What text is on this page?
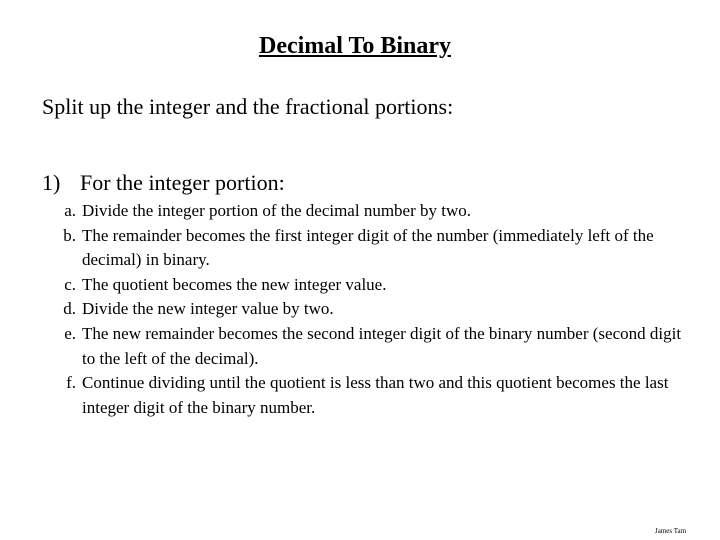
Decimal To Binary
Split up the integer and the fractional portions:
1) For the integer portion:
a. Divide the integer portion of the decimal number by two.
b. The remainder becomes the first integer digit of the number (immediately left of the decimal) in binary.
c. The quotient becomes the new integer value.
d. Divide the new integer value by two.
e. The new remainder becomes the second integer digit of the binary number (second digit to the left of the decimal).
f. Continue dividing until the quotient is less than two and this quotient becomes the last integer digit of the binary number.
James Tam
